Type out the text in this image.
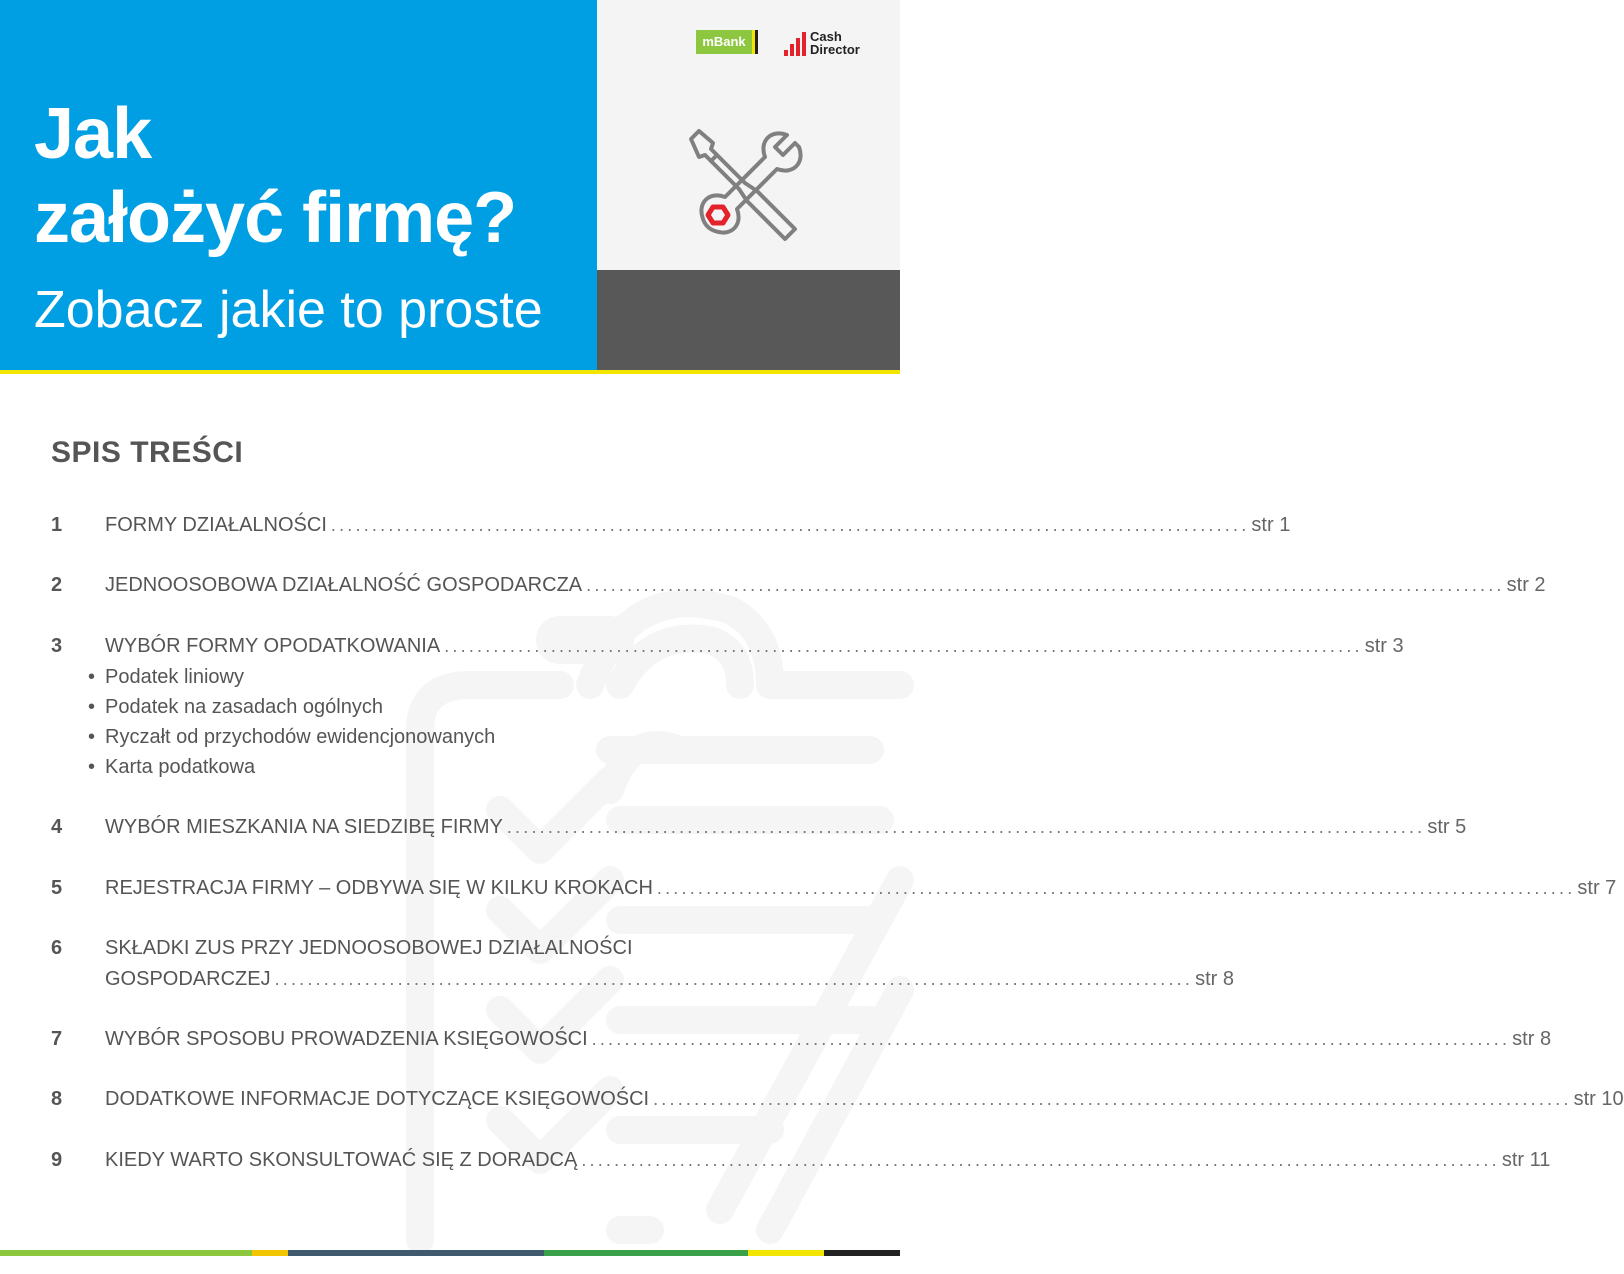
Jak
założyć firmę?
Zobacz jakie to proste
mBank	Cash
Director
SPIS TREŚCI
1 FORMY DZIAŁALNOŚCI ................................................................................................................ str 1
2 JEDNOOSOBOWA DZIAŁALNOŚĆ GOSPODARCZA ................................................................................................................ str 2
3 WYBÓR FORMY OPODATKOWANIA ................................................................................................................ str 3
• Podatek liniowy
• Podatek na zasadach ogólnych
• Ryczałt od przychodów ewidencjonowanych
• Karta podatkowa
4 WYBÓR MIESZKANIA NA SIEDZIBĘ FIRMY ................................................................................................................ str 5
5 REJESTRACJA FIRMY – ODBYWA SIĘ W KILKU KROKACH ................................................................................................................ str 7
6 SKŁADKI ZUS PRZY JEDNOOSOBOWEJ DZIAŁALNOŚCI
GOSPODARCZEJ ................................................................................................................ str 8
7 WYBÓR SPOSOBU PROWADZENIA KSIĘGOWOŚCI ................................................................................................................ str 8
8 DODATKOWE INFORMACJE DOTYCZĄCE KSIĘGOWOŚCI ................................................................................................................ str 10
9 KIEDY WARTO SKONSULTOWAĆ SIĘ Z DORADCĄ ................................................................................................................ str 11
